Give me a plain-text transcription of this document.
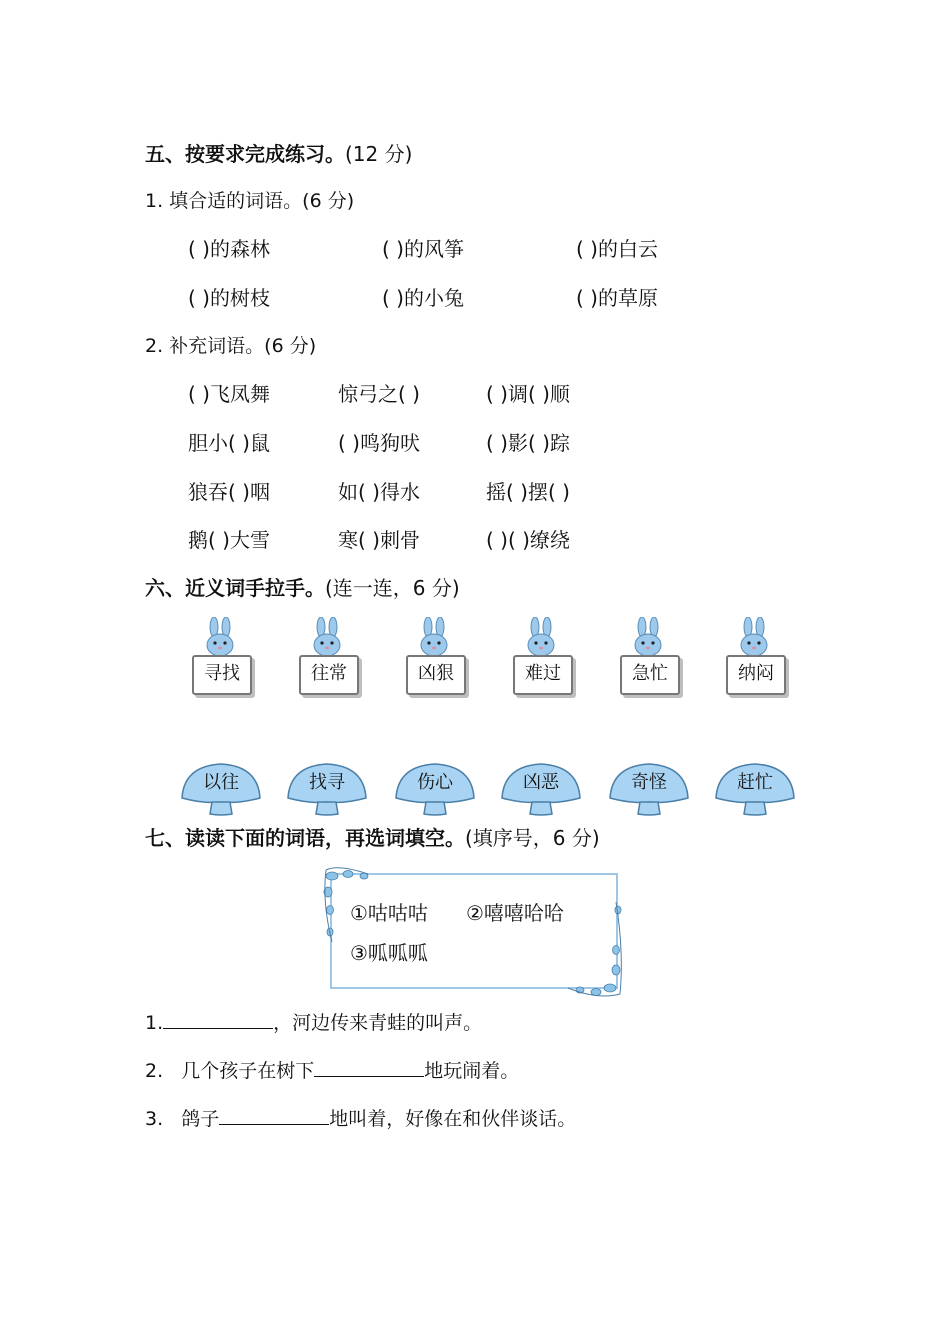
五、按要求完成练习。(12 分)
1. 填合适的词语。(6 分)
( )的森林	( )的风筝	( )的白云
( )的树枝	( )的小兔	( )的草原
2. 补充词语。(6 分)
( )飞凤舞	惊弓之( )	( )调( )顺
胆小( )鼠	( )鸣狗吠	( )影( )踪
狼吞( )咽	如( )得水	摇( )摆( )
鹅( )大雪	寒( )刺骨	( )( )缭绕
六、近义词手拉手。(连一连，6 分)
寻找	往常	凶狠	难过	急忙	纳闷
以往	找寻	伤心	凶恶	奇怪	赶忙
七、读读下面的词语，再选词填空。(填序号，6 分)
①咕咕咕 ②嘻嘻哈哈
③呱呱呱
1.	，河边传来青蛙的叫声。
2.   几个孩子在树下	地玩闹着。
3.   鸽子	地叫着，好像在和伙伴谈话。
